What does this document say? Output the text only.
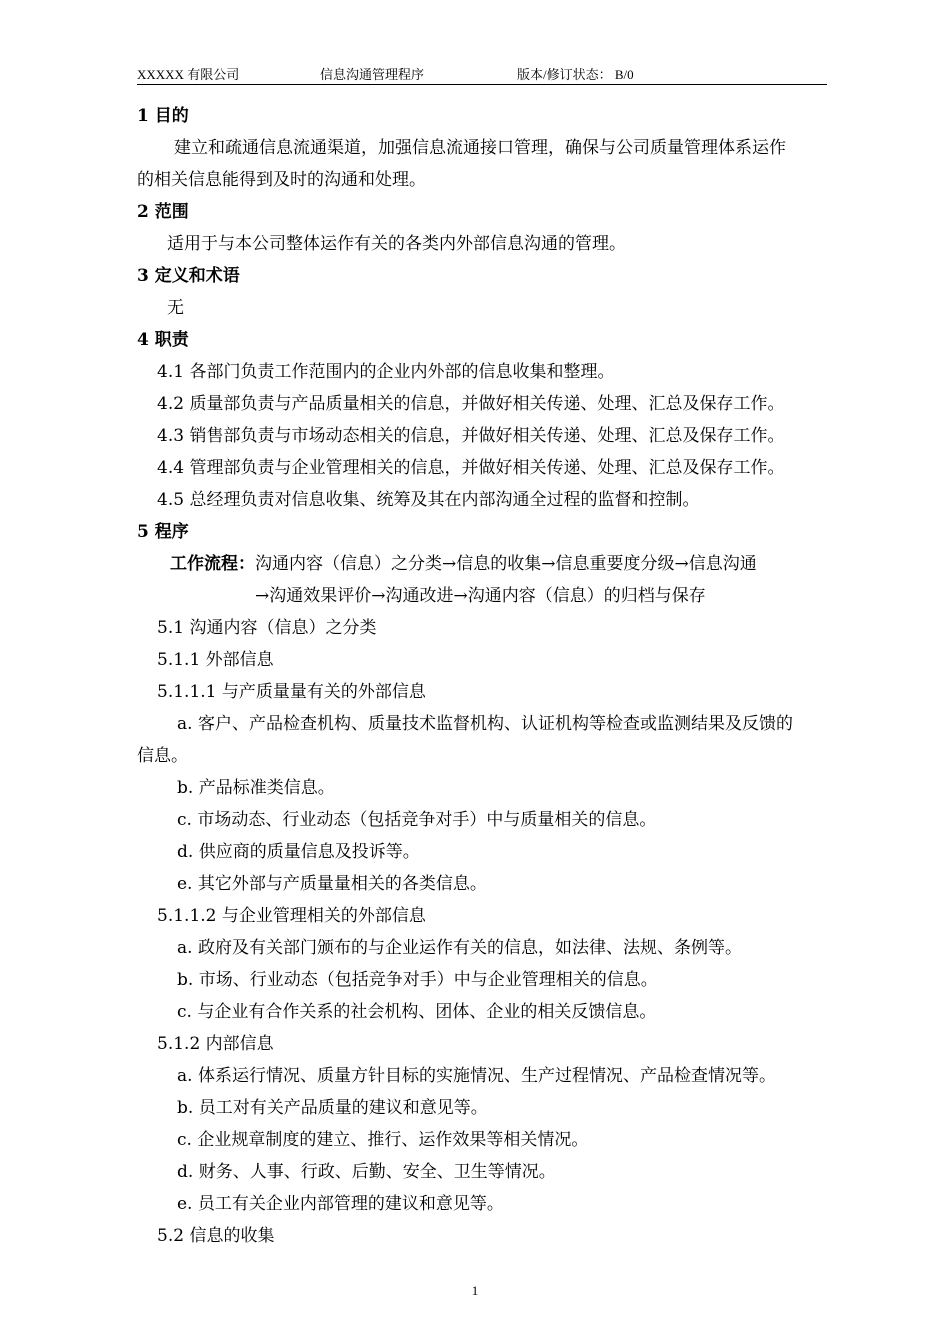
XXXXX 有限公司	信息沟通管理程序	版本/修订状态： B/0
1 目的
建立和疏通信息流通渠道，加强信息流通接口管理，确保与公司质量管理体系运作
的相关信息能得到及时的沟通和处理。
2 范围
适用于与本公司整体运作有关的各类内外部信息沟通的管理。
3 定义和术语
无
4 职责
4.1 各部门负责工作范围内的企业内外部的信息收集和整理。
4.2 质量部负责与产品质量相关的信息，并做好相关传递、处理、汇总及保存工作。
4.3 销售部负责与市场动态相关的信息，并做好相关传递、处理、汇总及保存工作。
4.4 管理部负责与企业管理相关的信息，并做好相关传递、处理、汇总及保存工作。
4.5 总经理负责对信息收集、统筹及其在内部沟通全过程的监督和控制。
5 程序
工作流程：沟通内容（信息）之分类→信息的收集→信息重要度分级→信息沟通
→沟通效果评价→沟通改进→沟通内容（信息）的归档与保存
5.1 沟通内容（信息）之分类
5.1.1 外部信息
5.1.1.1 与产质量量有关的外部信息
a. 客户、产品检查机构、质量技术监督机构、认证机构等检查或监测结果及反馈的
信息。
b. 产品标准类信息。
c. 市场动态、行业动态（包括竞争对手）中与质量相关的信息。
d. 供应商的质量信息及投诉等。
e. 其它外部与产质量量相关的各类信息。
5.1.1.2 与企业管理相关的外部信息
a. 政府及有关部门颁布的与企业运作有关的信息，如法律、法规、条例等。
b. 市场、行业动态（包括竞争对手）中与企业管理相关的信息。
c. 与企业有合作关系的社会机构、团体、企业的相关反馈信息。
5.1.2 内部信息
a. 体系运行情况、质量方针目标的实施情况、生产过程情况、产品检查情况等。
b. 员工对有关产品质量的建议和意见等。
c. 企业规章制度的建立、推行、运作效果等相关情况。
d. 财务、人事、行政、后勤、安全、卫生等情况。
e. 员工有关企业内部管理的建议和意见等。
5.2 信息的收集
1
